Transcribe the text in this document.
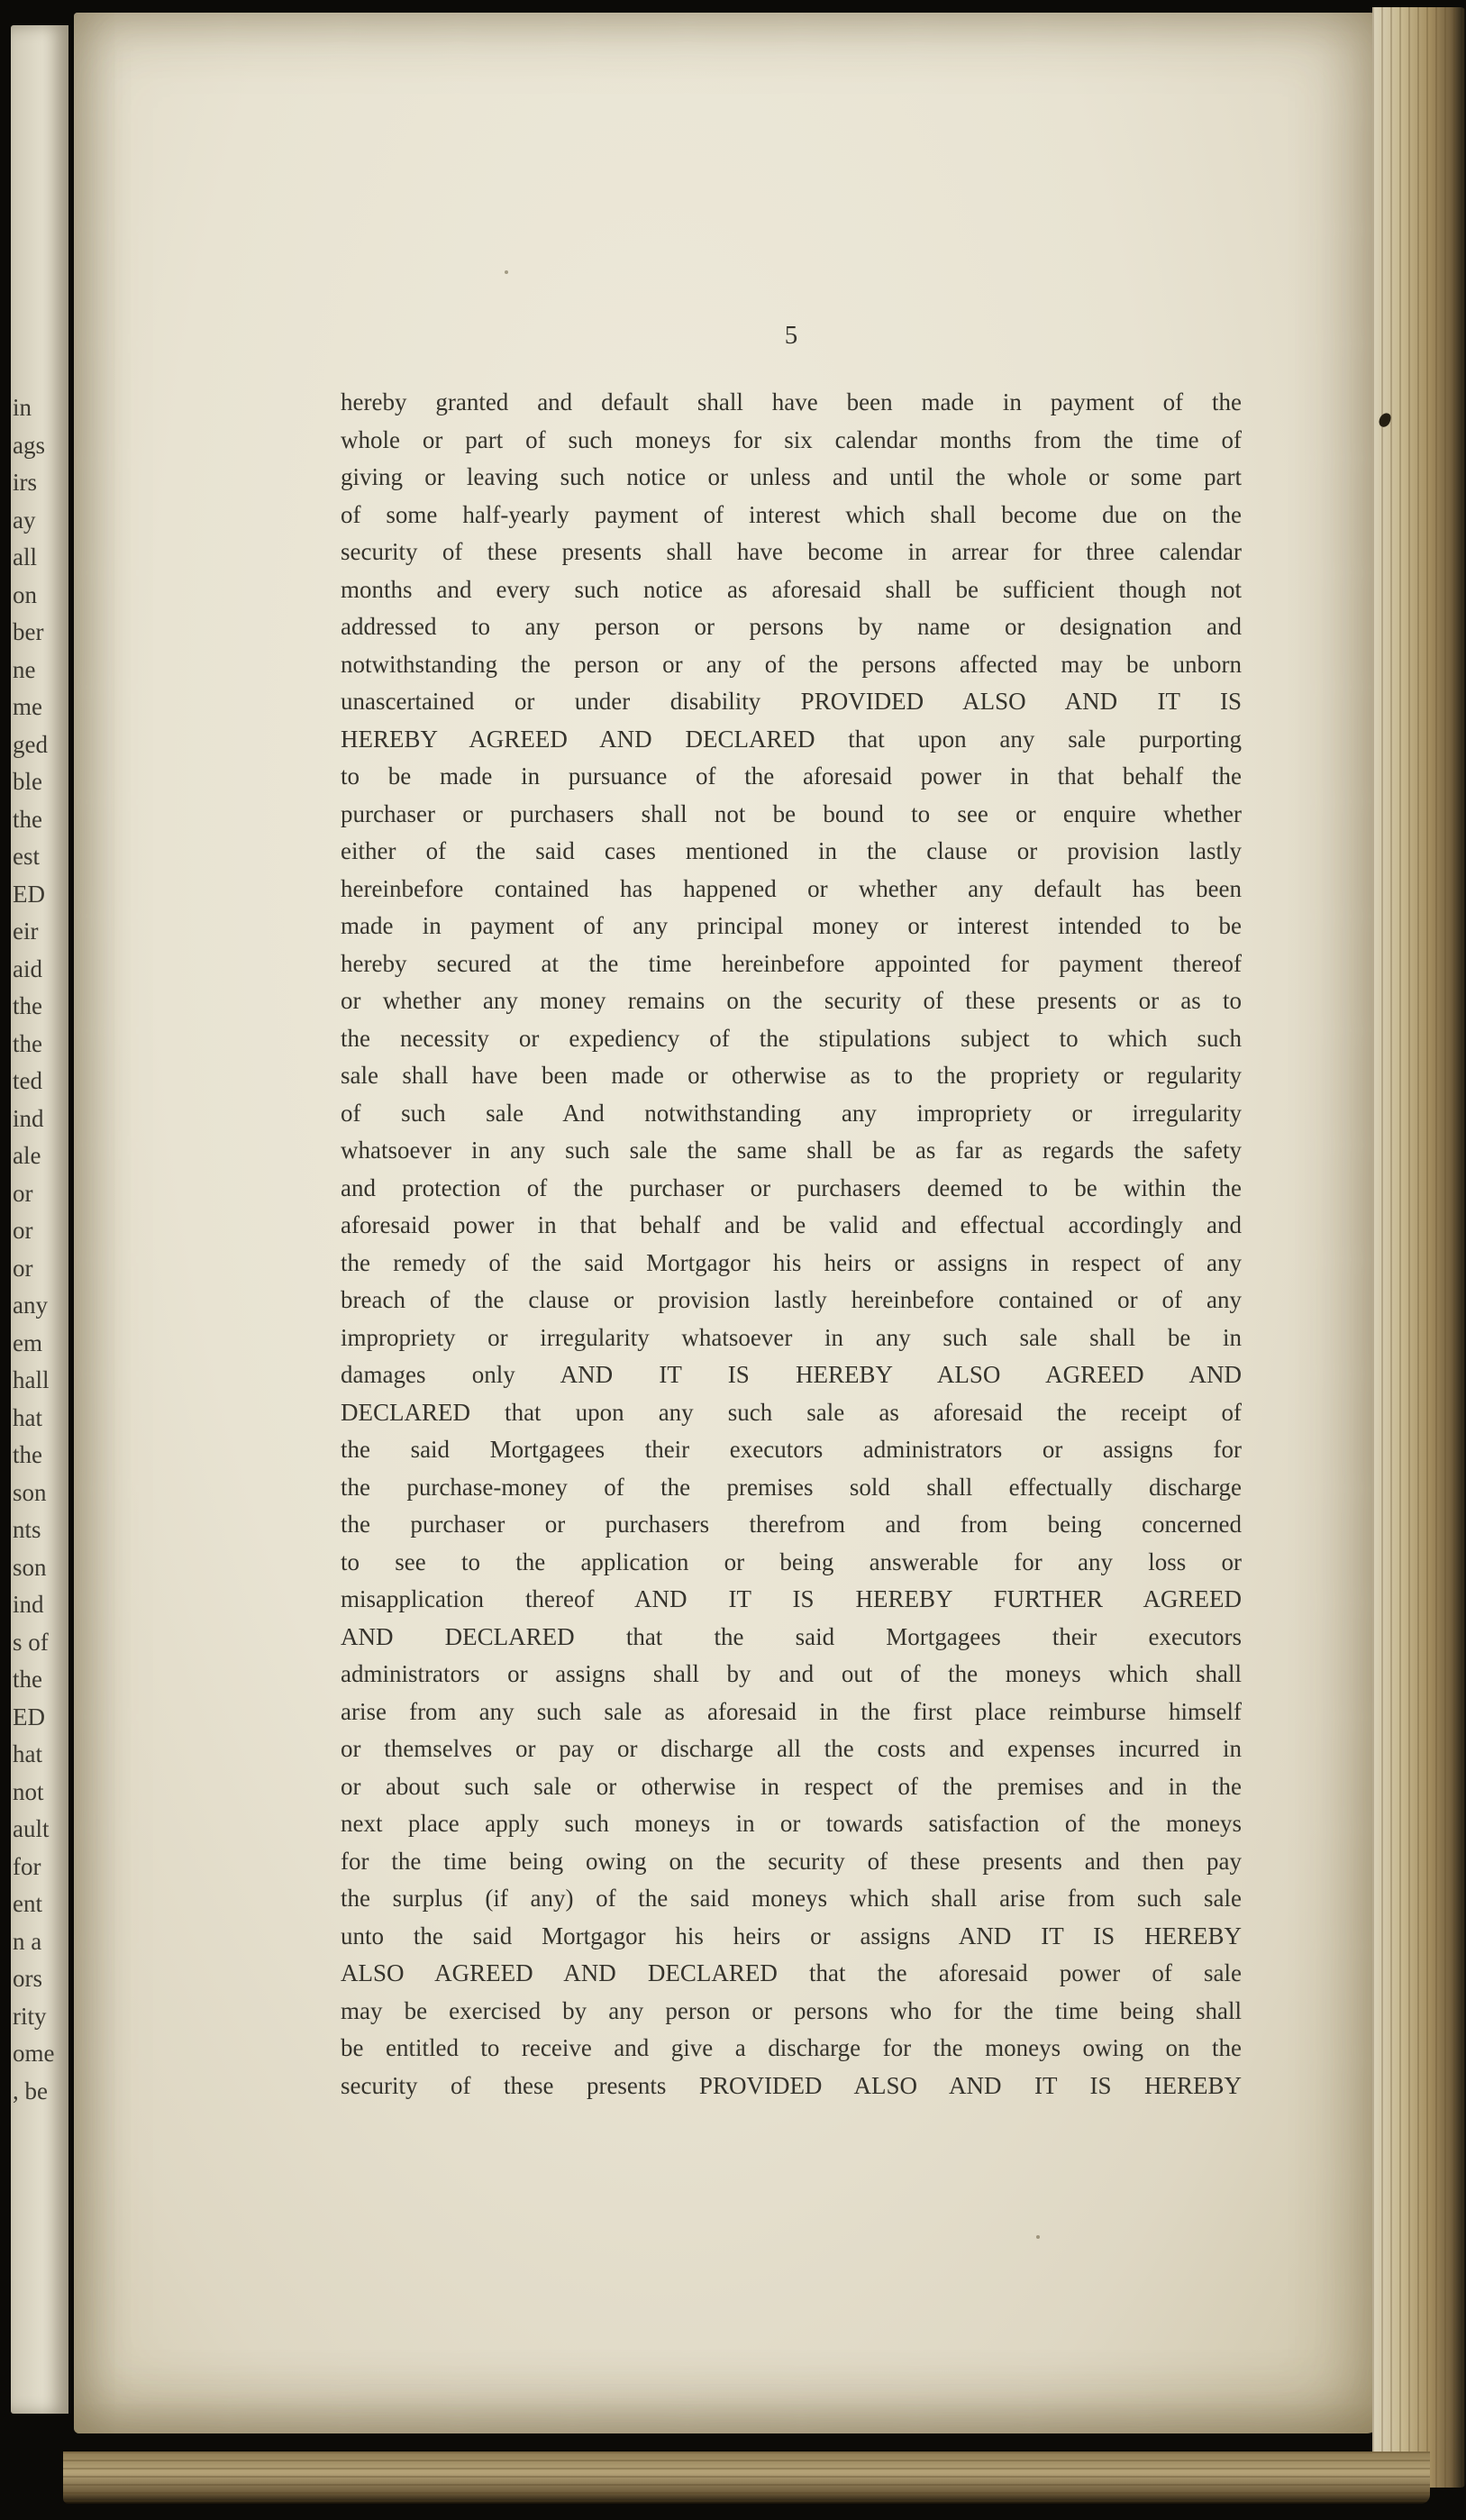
in
ags
irs
ay
all
on
ber
ne
me
ged
ble
the
est
ED
eir
aid
the
the
ted
ind
ale
or
or
or
any
em
hall
hat
the
son
nts
son
ind
s of
the
ED
hat
not
ault
for
ent
n a
ors
rity
ome
, be
5
hereby granted and default shall have been made in payment of the
whole or part of such moneys for six calendar months from the time of
giving or leaving such notice or unless and until the whole or some part
of some half-yearly payment of interest which shall become due on the
security of these presents shall have become in arrear for three calendar
months and every such notice as aforesaid shall be sufficient though not
addressed to any person or persons by name or designation and
notwithstanding the person or any of the persons affected may be unborn
unascertained or under disability PROVIDED ALSO AND IT IS
HEREBY AGREED AND DECLARED that upon any sale purporting
to be made in pursuance of the aforesaid power in that behalf the
purchaser or purchasers shall not be bound to see or enquire whether
either of the said cases mentioned in the clause or provision lastly
hereinbefore contained has happened or whether any default has been
made in payment of any principal money or interest intended to be
hereby secured at the time hereinbefore appointed for payment thereof
or whether any money remains on the security of these presents or as to
the necessity or expediency of the stipulations subject to which such
sale shall have been made or otherwise as to the propriety or regularity
of such sale And notwithstanding any impropriety or irregularity
whatsoever in any such sale the same shall be as far as regards the safety
and protection of the purchaser or purchasers deemed to be within the
aforesaid power in that behalf and be valid and effectual accordingly and
the remedy of the said Mortgagor his heirs or assigns in respect of any
breach of the clause or provision lastly hereinbefore contained or of any
impropriety or irregularity whatsoever in any such sale shall be in
damages only AND IT IS HEREBY ALSO AGREED AND
DECLARED that upon any such sale as aforesaid the receipt of
the said Mortgagees their executors administrators or assigns for
the purchase-money of the premises sold shall effectually discharge
the purchaser or purchasers therefrom and from being concerned
to see to the application or being answerable for any loss or
misapplication thereof AND IT IS HEREBY FURTHER AGREED
AND DECLARED that the said Mortgagees their executors
administrators or assigns shall by and out of the moneys which shall
arise from any such sale as aforesaid in the first place reimburse himself
or themselves or pay or discharge all the costs and expenses incurred in
or about such sale or otherwise in respect of the premises and in the
next place apply such moneys in or towards satisfaction of the moneys
for the time being owing on the security of these presents and then pay
the surplus (if any) of the said moneys which shall arise from such sale
unto the said Mortgagor his heirs or assigns AND IT IS HEREBY
ALSO AGREED AND DECLARED that the aforesaid power of sale
may be exercised by any person or persons who for the time being shall
be entitled to receive and give a discharge for the moneys owing on the
security of these presents PROVIDED ALSO AND IT IS HEREBY
